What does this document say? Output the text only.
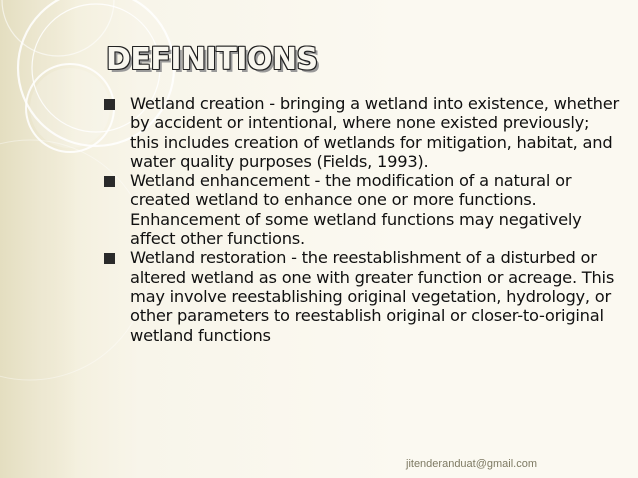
DEFINITIONS
Wetland creation - bringing a wetland into existence, whether by accident or intentional, where none existed previously; this includes creation of wetlands for mitigation, habitat, and water quality purposes (Fields, 1993).
Wetland enhancement - the modification of a natural or created wetland to enhance one or more functions. Enhancement of some wetland functions may negatively affect other functions.
Wetland restoration - the reestablishment of a disturbed or altered wetland as one with greater function or acreage. This may involve reestablishing original vegetation, hydrology, or other parameters to reestablish original or closer-to-original wetland functions
jitenderanduat@gmail.com
